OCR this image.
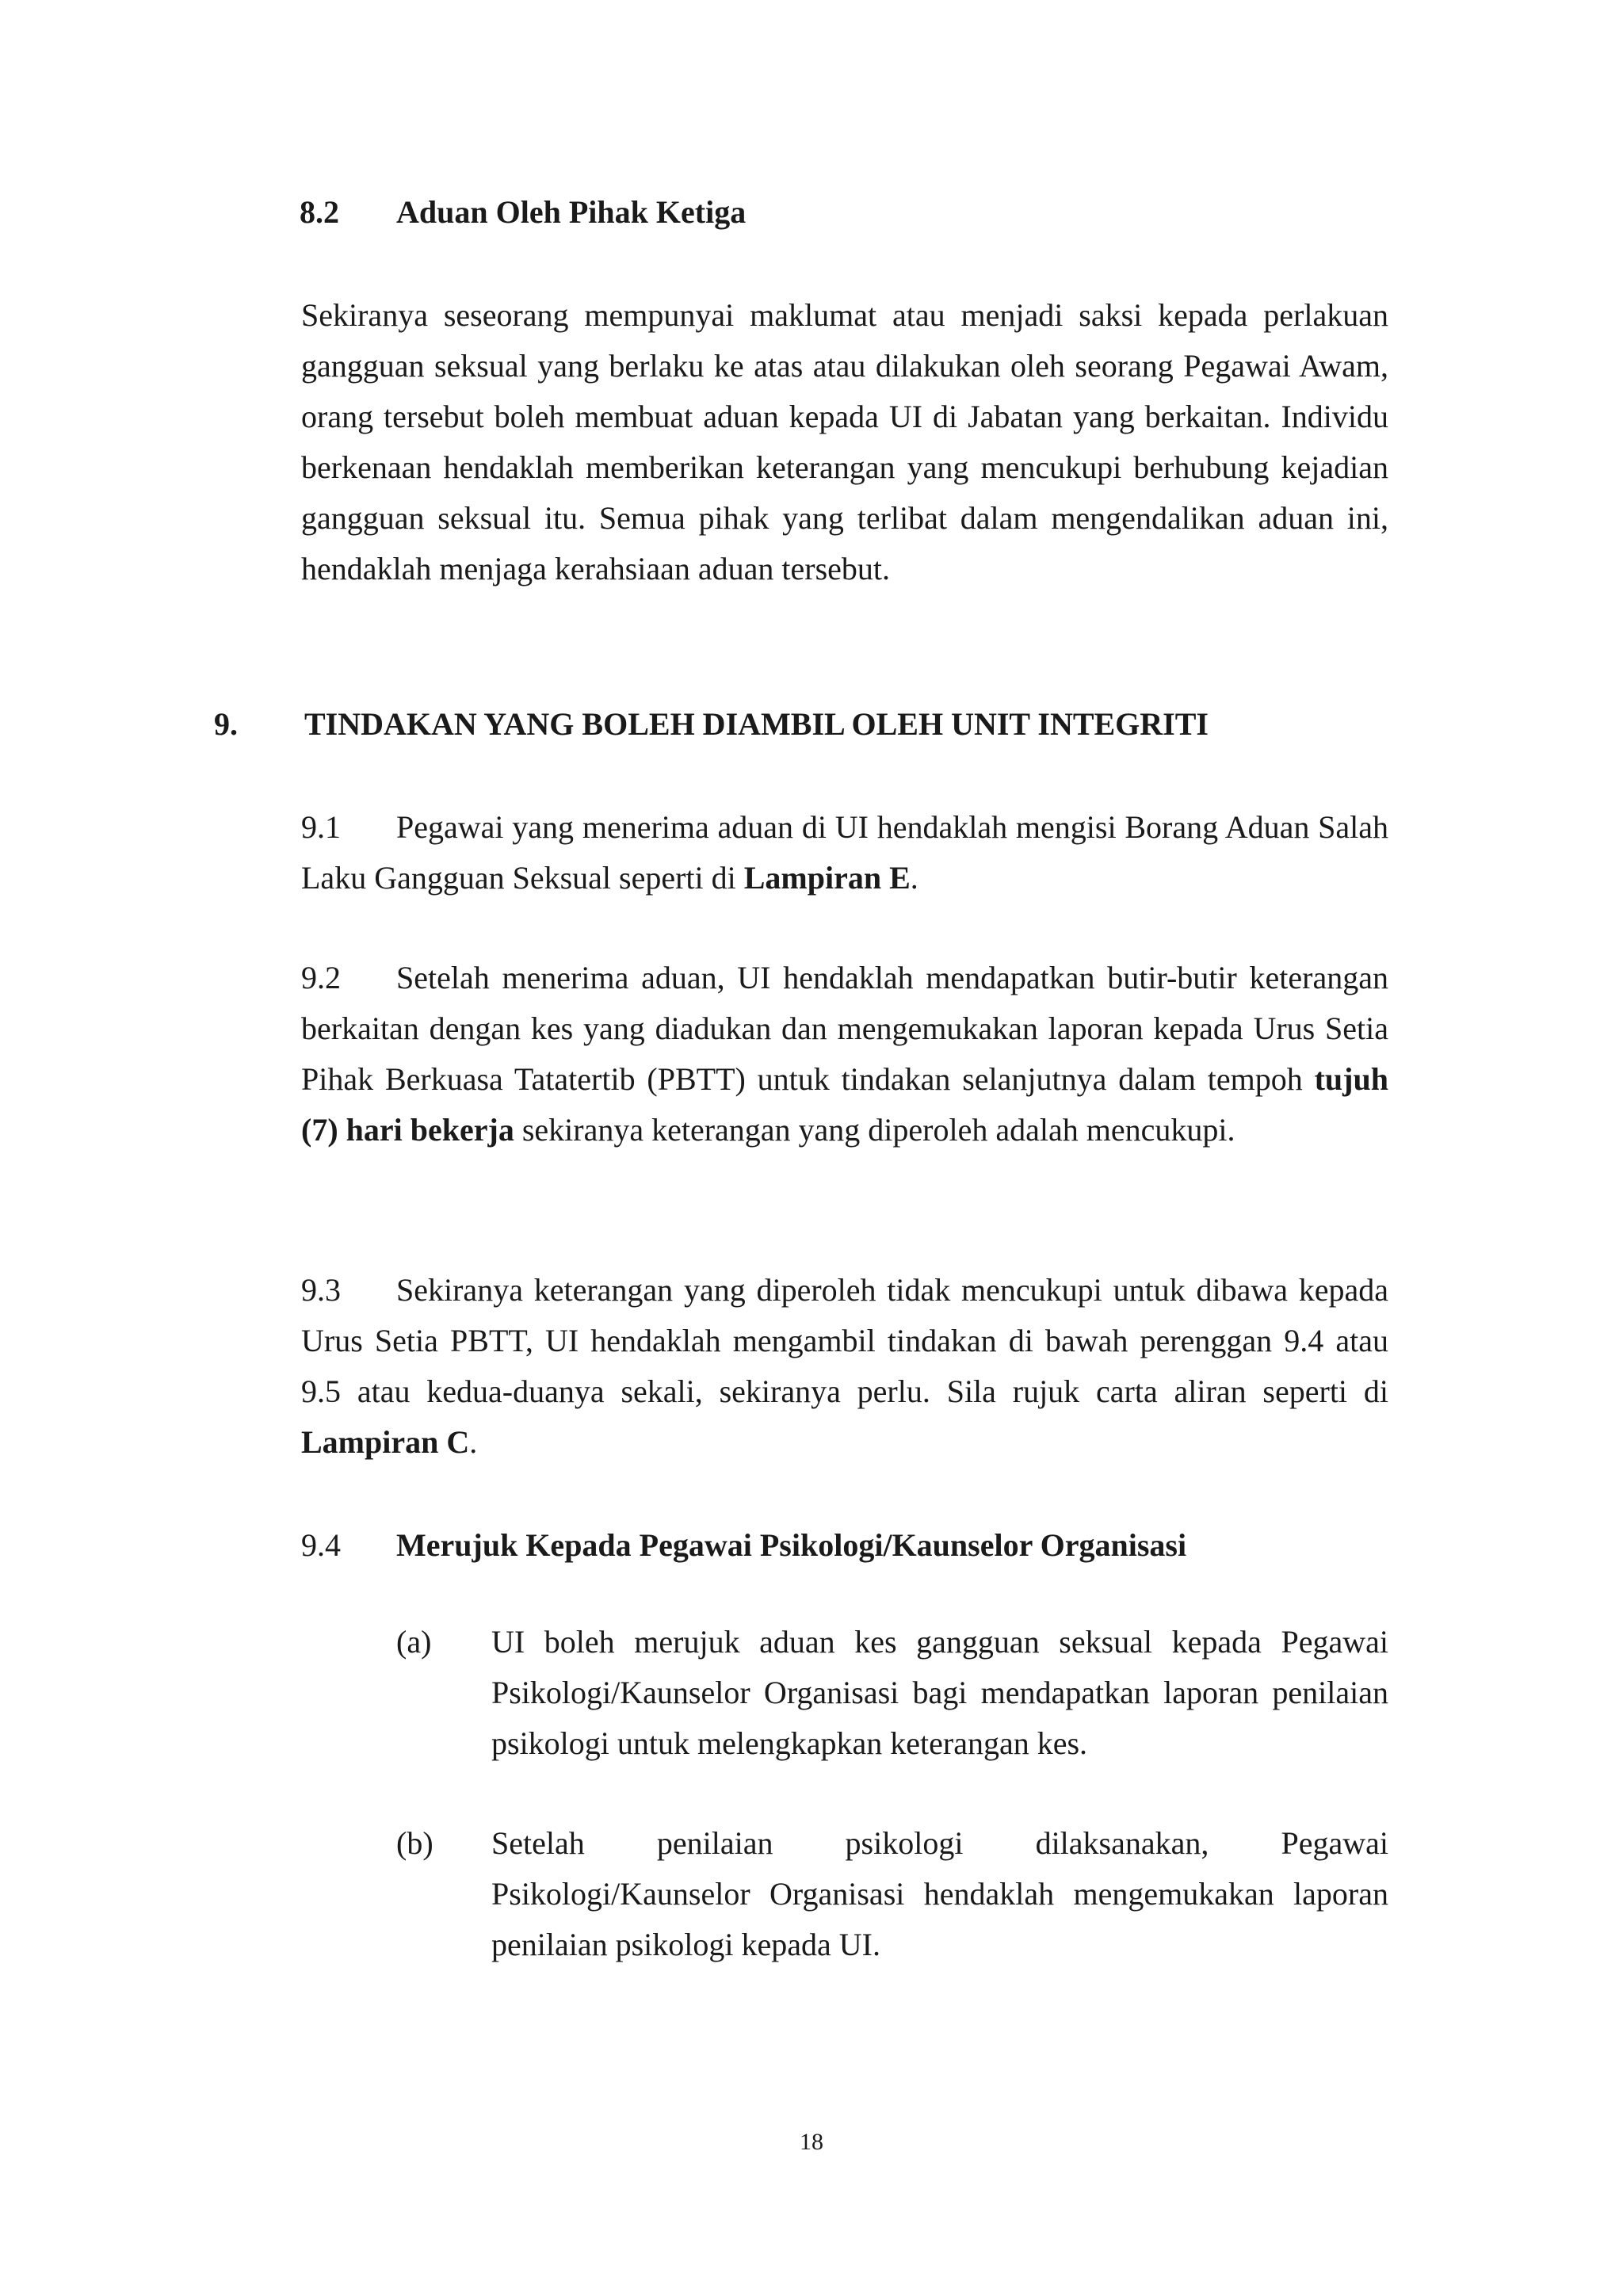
8.2 Aduan Oleh Pihak Ketiga

Sekiranya seseorang mempunyai maklumat atau menjadi saksi kepada perlakuan gangguan seksual yang berlaku ke atas atau dilakukan oleh seorang Pegawai Awam, orang tersebut boleh membuat aduan kepada UI di Jabatan yang berkaitan. Individu berkenaan hendaklah memberikan keterangan yang mencukupi berhubung kejadian gangguan seksual itu. Semua pihak yang terlibat dalam mengendalikan aduan ini, hendaklah menjaga kerahsiaan aduan tersebut.

9. TINDAKAN YANG BOLEH DIAMBIL OLEH UNIT INTEGRITI
Pegawai yang menerima aduan di UI hendaklah mengisi Borang Aduan Salah Laku Gangguan Seksual seperti di Lampiran E.
9.1
Setelah menerima aduan, UI hendaklah mendapatkan butir-butir keterangan berkaitan dengan kes yang diadukan dan mengemukakan laporan kepada Urus Setia Pihak Berkuasa Tatatertib (PBTT) untuk tindakan selanjutnya dalam tempoh tujuh (7) hari bekerja sekiranya keterangan yang diperoleh adalah mencukupi.
9.2
Sekiranya keterangan yang diperoleh tidak mencukupi untuk dibawa kepada Urus Setia PBTT, UI hendaklah mengambil tindakan di bawah perenggan 9.4 atau 9.5 atau kedua-duanya sekali, sekiranya perlu. Sila rujuk carta aliran seperti di Lampiran C.
9.3
9.4 Merujuk Kepada Pegawai Psikologi/Kaunselor Organisasi
(a) UI boleh merujuk aduan kes gangguan seksual kepada Pegawai Psikologi/Kaunselor Organisasi bagi mendapatkan laporan penilaian psikologi untuk melengkapkan keterangan kes.

(b) Setelah penilaian psikologi dilaksanakan, Pegawai Psikologi/Kaunselor Organisasi hendaklah mengemukakan laporan penilaian psikologi kepada UI.

18
